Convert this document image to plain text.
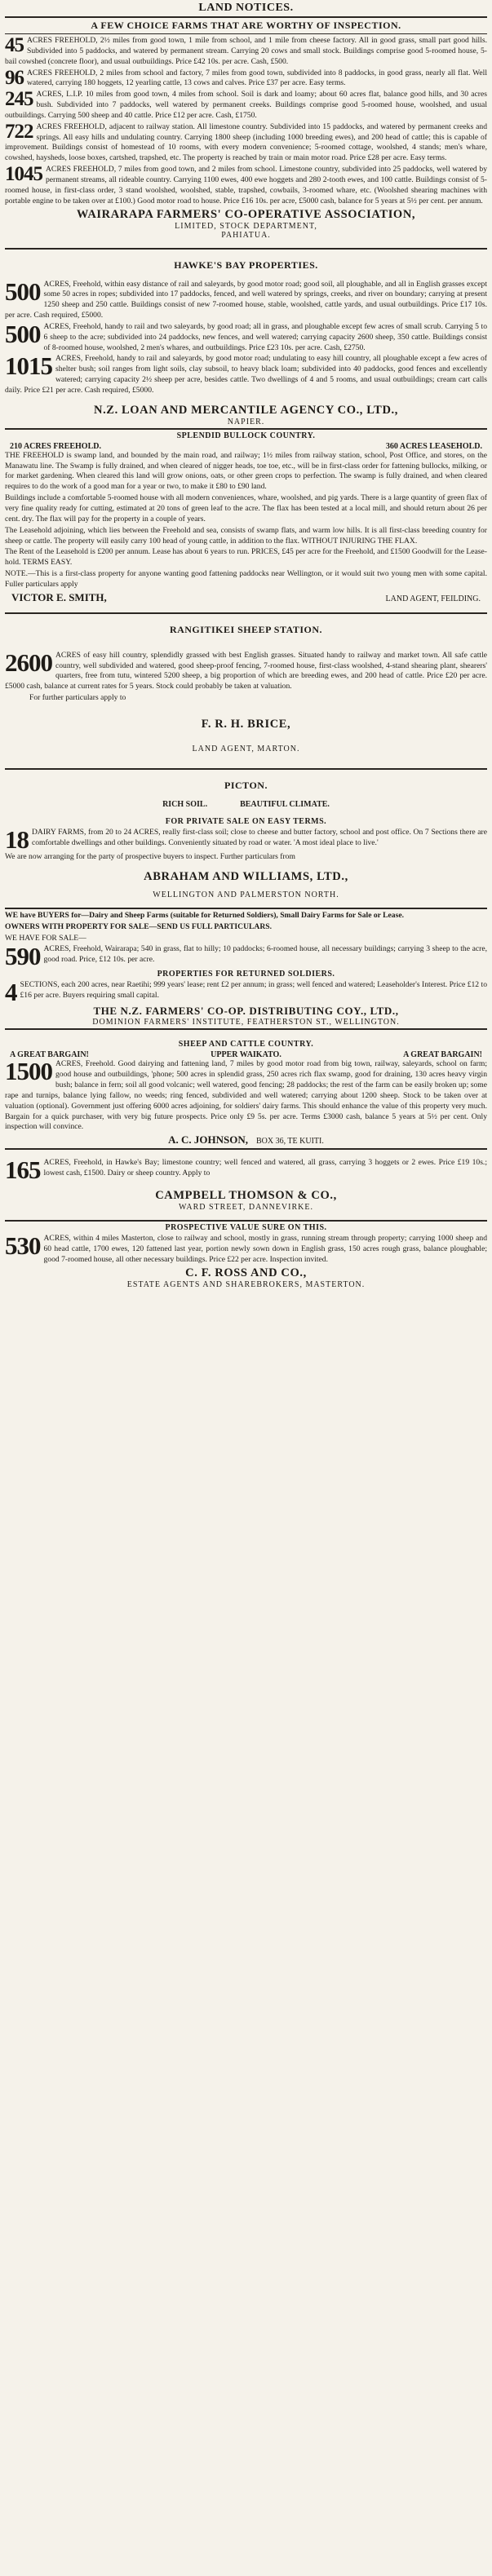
LAND NOTICES.
A FEW CHOICE FARMS THAT ARE WORTHY OF INSPECTION.
45 ACRES FREEHOLD, 2½ miles from good town, 1 mile from school, and 1 mile from cheese factory. All in good grass, small part good hills. Subdivided into 5 paddocks, and watered by permanent stream. Carrying 20 cows and small stock. Buildings comprise good 5-roomed house, 5-bail cowshed (concrete floor), and usual outbuildings. Price £42 10s. per acre. Cash, £500.
96 ACRES FREEHOLD, 2 miles from school and factory, 7 miles from good town, subdivided into 8 paddocks, in good grass, nearly all flat. Well watered, carrying 180 hoggets, 12 yearling cattle, 13 cows and calves. Price £37 per acre. Easy terms.
245 ACRES, L.I.P. 10 miles from good town, 4 miles from school. Soil is dark and loamy; about 60 acres flat, balance good hills, and 30 acres bush. Subdivided into 7 paddocks, well watered by permanent creeks. Buildings comprise good 5-roomed house, woolshed, and usual outbuildings. Carrying 500 sheep and 40 cattle. Price £12 per acre. Cash, £1750.
722 ACRES FREEHOLD, adjacent to railway station. All limestone country. Subdivided into 15 paddocks, and watered by permanent creeks and springs. All easy hills and undulating country. Carrying 1800 sheep (including 1000 breeding ewes), and 200 head of cattle; this is capable of improvement. Buildings consist of homestead of 10 rooms, with every modern convenience; 5-roomed cottage, woolshed, 4 stands; men's whare, cowshed, haysheds, loose boxes, cartshed, trapshed, etc. The property is reached by train or main motor road. Price £28 per acre. Easy terms.
1045 ACRES FREEHOLD, 7 miles from good town, and 2 miles from school. Limestone country, subdivided into 25 paddocks, well watered by permanent streams, all rideable country. Carrying 1100 ewes, 400 ewe hoggets and 280 2-tooth ewes, and 100 cattle. Buildings consist of 5-roomed house, in first-class order, 3 stand woolshed, woolshed, stable, trapshed, cowbails, 3-roomed whare, etc. (Woolshed shearing machines with portable engine to be taken over at £100.) Good motor road to house. Price £16 10s. per acre, £5000 cash, balance for 5 years at 5½ per cent. per annum.
WAIRARAPA FARMERS' CO-OPERATIVE ASSOCIATION,
LIMITED, STOCK DEPARTMENT,
PAHIATUA.
HAWKE'S BAY PROPERTIES.
500 ACRES, Freehold, within easy distance of rail and saleyards, by good motor road; good soil, all ploughable, and all in English grasses except some 50 acres in ropes; subdivided into 17 paddocks, fenced, and well watered by springs, creeks, and river on boundary; carrying at present 1250 sheep and 250 cattle. Buildings consist of new 7-roomed house, stable, woolshed, cattle yards, and usual outbuildings. Price £17 10s. per acre. Cash required, £5000.
500 ACRES, Freehold, handy to rail and two saleyards, by good road; all in grass, and ploughable except few acres of small scrub. Carrying 5 to 6 sheep to the acre; subdivided into 24 paddocks, new fences, and well watered; carrying capacity 2600 sheep, 350 cattle. Buildings consist of 8-roomed house, woolshed, 2 men's whares, and outbuildings. Price £23 10s. per acre. Cash, £2750.
1015 ACRES, Freehold, handy to rail and saleyards, by good motor road; undulating to easy hill country, all ploughable except a few acres of shelter bush; soil ranges from light soils, clay subsoil, to heavy black loam; subdivided into 40 paddocks, good fences and excellently watered; carrying capacity 2½ sheep per acre, besides cattle. Two dwellings of 4 and 5 rooms, and usual outbuildings; cream cart calls daily. Price £21 per acre. Cash required, £5000.
N.Z. LOAN AND MERCANTILE AGENCY CO., LTD.,
NAPIER.
SPLENDID BULLOCK COUNTRY.
210 ACRES FREEHOLD.	360 ACRES LEASEHOLD.
THE FREEHOLD is swamp land, and bounded by the main road, and railway; 1½ miles from railway station, school, Post Office, and stores, on the Manawatu line. The Swamp is fully drained, and when cleared of nigger heads, toe toe, etc., will be in first-class order for fattening bullocks, milking, or for market gardening. When cleared this land will grow onions, oats, or other green crops to perfection. The swamp is fully drained, and when cleared requires to do the work of a good man for a year or two, to make it £80 to £90 land.
Buildings include a comfortable 5-roomed house with all modern conveniences, whare, woolshed, and pig yards. There is a large quantity of green flax of very fine quality ready for cutting, estimated at 20 tons of green leaf to the acre. The flax has been tested at a local mill, and should return about 26 per cent. dry. The flax will pay for the property in a couple of years.
The Leasehold adjoining, which lies between the Freehold and sea, consists of swamp flats, and warm low hills. It is all first-class breeding country for sheep or cattle. The property will easily carry 100 head of young cattle, in addition to the flax. WITHOUT INJURING THE FLAX.
The Rent of the Leasehold is £200 per annum. Lease has about 6 years to run. PRICES, £45 per acre for the Freehold, and £1500 Goodwill for the Lease-hold. TERMS EASY.
NOTE.—This is a first-class property for anyone wanting good fattening paddocks near Wellington, or it would suit two young men with some capital. Fuller particulars apply
VICTOR E. SMITH,	LAND AGENT, FEILDING.
RANGITIKEI SHEEP STATION.
2600 ACRES of easy hill country, splendidly grassed with best English grasses. Situated handy to railway and market town. All safe cattle country, well subdivided and watered, good sheep-proof fencing, 7-roomed house, first-class woolshed, 4-stand shearing plant, shearers' quarters, free from tutu, wintered 5200 sheep, a big proportion of which are breeding ewes, and 200 head of cattle. Price £20 per acre. £5000 cash, balance at current rates for 5 years. Stock could probably be taken at valuation.
For further particulars apply to
F. R. H. BRICE,
LAND AGENT, MARTON.
PICTON.
RICH SOIL.	BEAUTIFUL CLIMATE.
FOR PRIVATE SALE ON EASY TERMS.
18 DAIRY FARMS, from 20 to 24 ACRES, really first-class soil; close to cheese and butter factory, school and post office. On 7 Sections there are comfortable dwellings and other buildings. Conveniently situated by road or water. 'A most ideal place to live.'
We are now arranging for the party of prospective buyers to inspect. Further particulars from
ABRAHAM AND WILLIAMS, LTD.,
WELLINGTON AND PALMERSTON NORTH.
WE have BUYERS for—Dairy and Sheep Farms (suitable for Returned Soldiers), Small Dairy Farms for Sale or Lease.
OWNERS WITH PROPERTY FOR SALE—SEND US FULL PARTICULARS.
WE HAVE FOR SALE—
590 ACRES, Freehold, Wairarapa; 540 in grass, flat to hilly; 10 paddocks; 6-roomed house, all necessary buildings; carrying 3 sheep to the acre, good road. Price, £12 10s. per acre.
PROPERTIES FOR RETURNED SOLDIERS.
4 SECTIONS, each 200 acres, near Raetihi; 999 years' lease; rent £2 per annum; in grass; well fenced and watered; Leaseholder's Interest. Price £12 to £16 per acre. Buyers requiring small capital.
THE N.Z. FARMERS' CO-OP. DISTRIBUTING COY., LTD.,
DOMINION FARMERS' INSTITUTE, FEATHERSTON ST., WELLINGTON.
SHEEP AND CATTLE COUNTRY.
A GREAT BARGAIN!	UPPER WAIKATO.	A GREAT BARGAIN!
1500 ACRES, Freehold. Good dairying and fattening land, 7 miles by good motor road from big town, railway, saleyards, school on farm; good house and outbuildings, 'phone; 500 acres in splendid grass, 250 acres rich flax swamp, good for draining, 130 acres heavy virgin bush; balance in fern; soil all good volcanic; well watered, good fencing; 28 paddocks; the rest of the farm can be easily broken up; some rape and turnips, balance lying fallow, no weeds; ring fenced, subdivided and well watered; carrying about 1200 sheep. Stock to be taken over at valuation (optional). Government just offering 6000 acres adjoining, for soldiers' dairy farms. This should enhance the value of this property very much. Bargain for a quick purchaser, with very big future prospects. Price only £9 5s. per acre. Terms £3000 cash, balance 5 years at 5½ per cent. Only inspection will convince.
A. C. JOHNSON, BOX 36, TE KUITI.
165 ACRES, Freehold, in Hawke's Bay; limestone country; well fenced and watered, all grass, carrying 3 hoggets or 2 ewes. Price £19 10s.; lowest cash, £1500. Dairy or sheep country. Apply to
CAMPBELL THOMSON & CO.,
WARD STREET, DANNEVIRKE.
PROSPECTIVE VALUE SURE ON THIS.
530 ACRES, within 4 miles Masterton, close to railway and school, mostly in grass, running stream through property; carrying 1000 sheep and 60 head cattle, 1700 ewes, 120 fattened last year, portion newly sown down in English grass, 150 acres rough grass, balance ploughable; good 7-roomed house, all other necessary buildings. Price £22 per acre. Inspection invited.
C. F. ROSS AND CO.,
ESTATE AGENTS AND SHAREBROKERS, MASTERTON.
